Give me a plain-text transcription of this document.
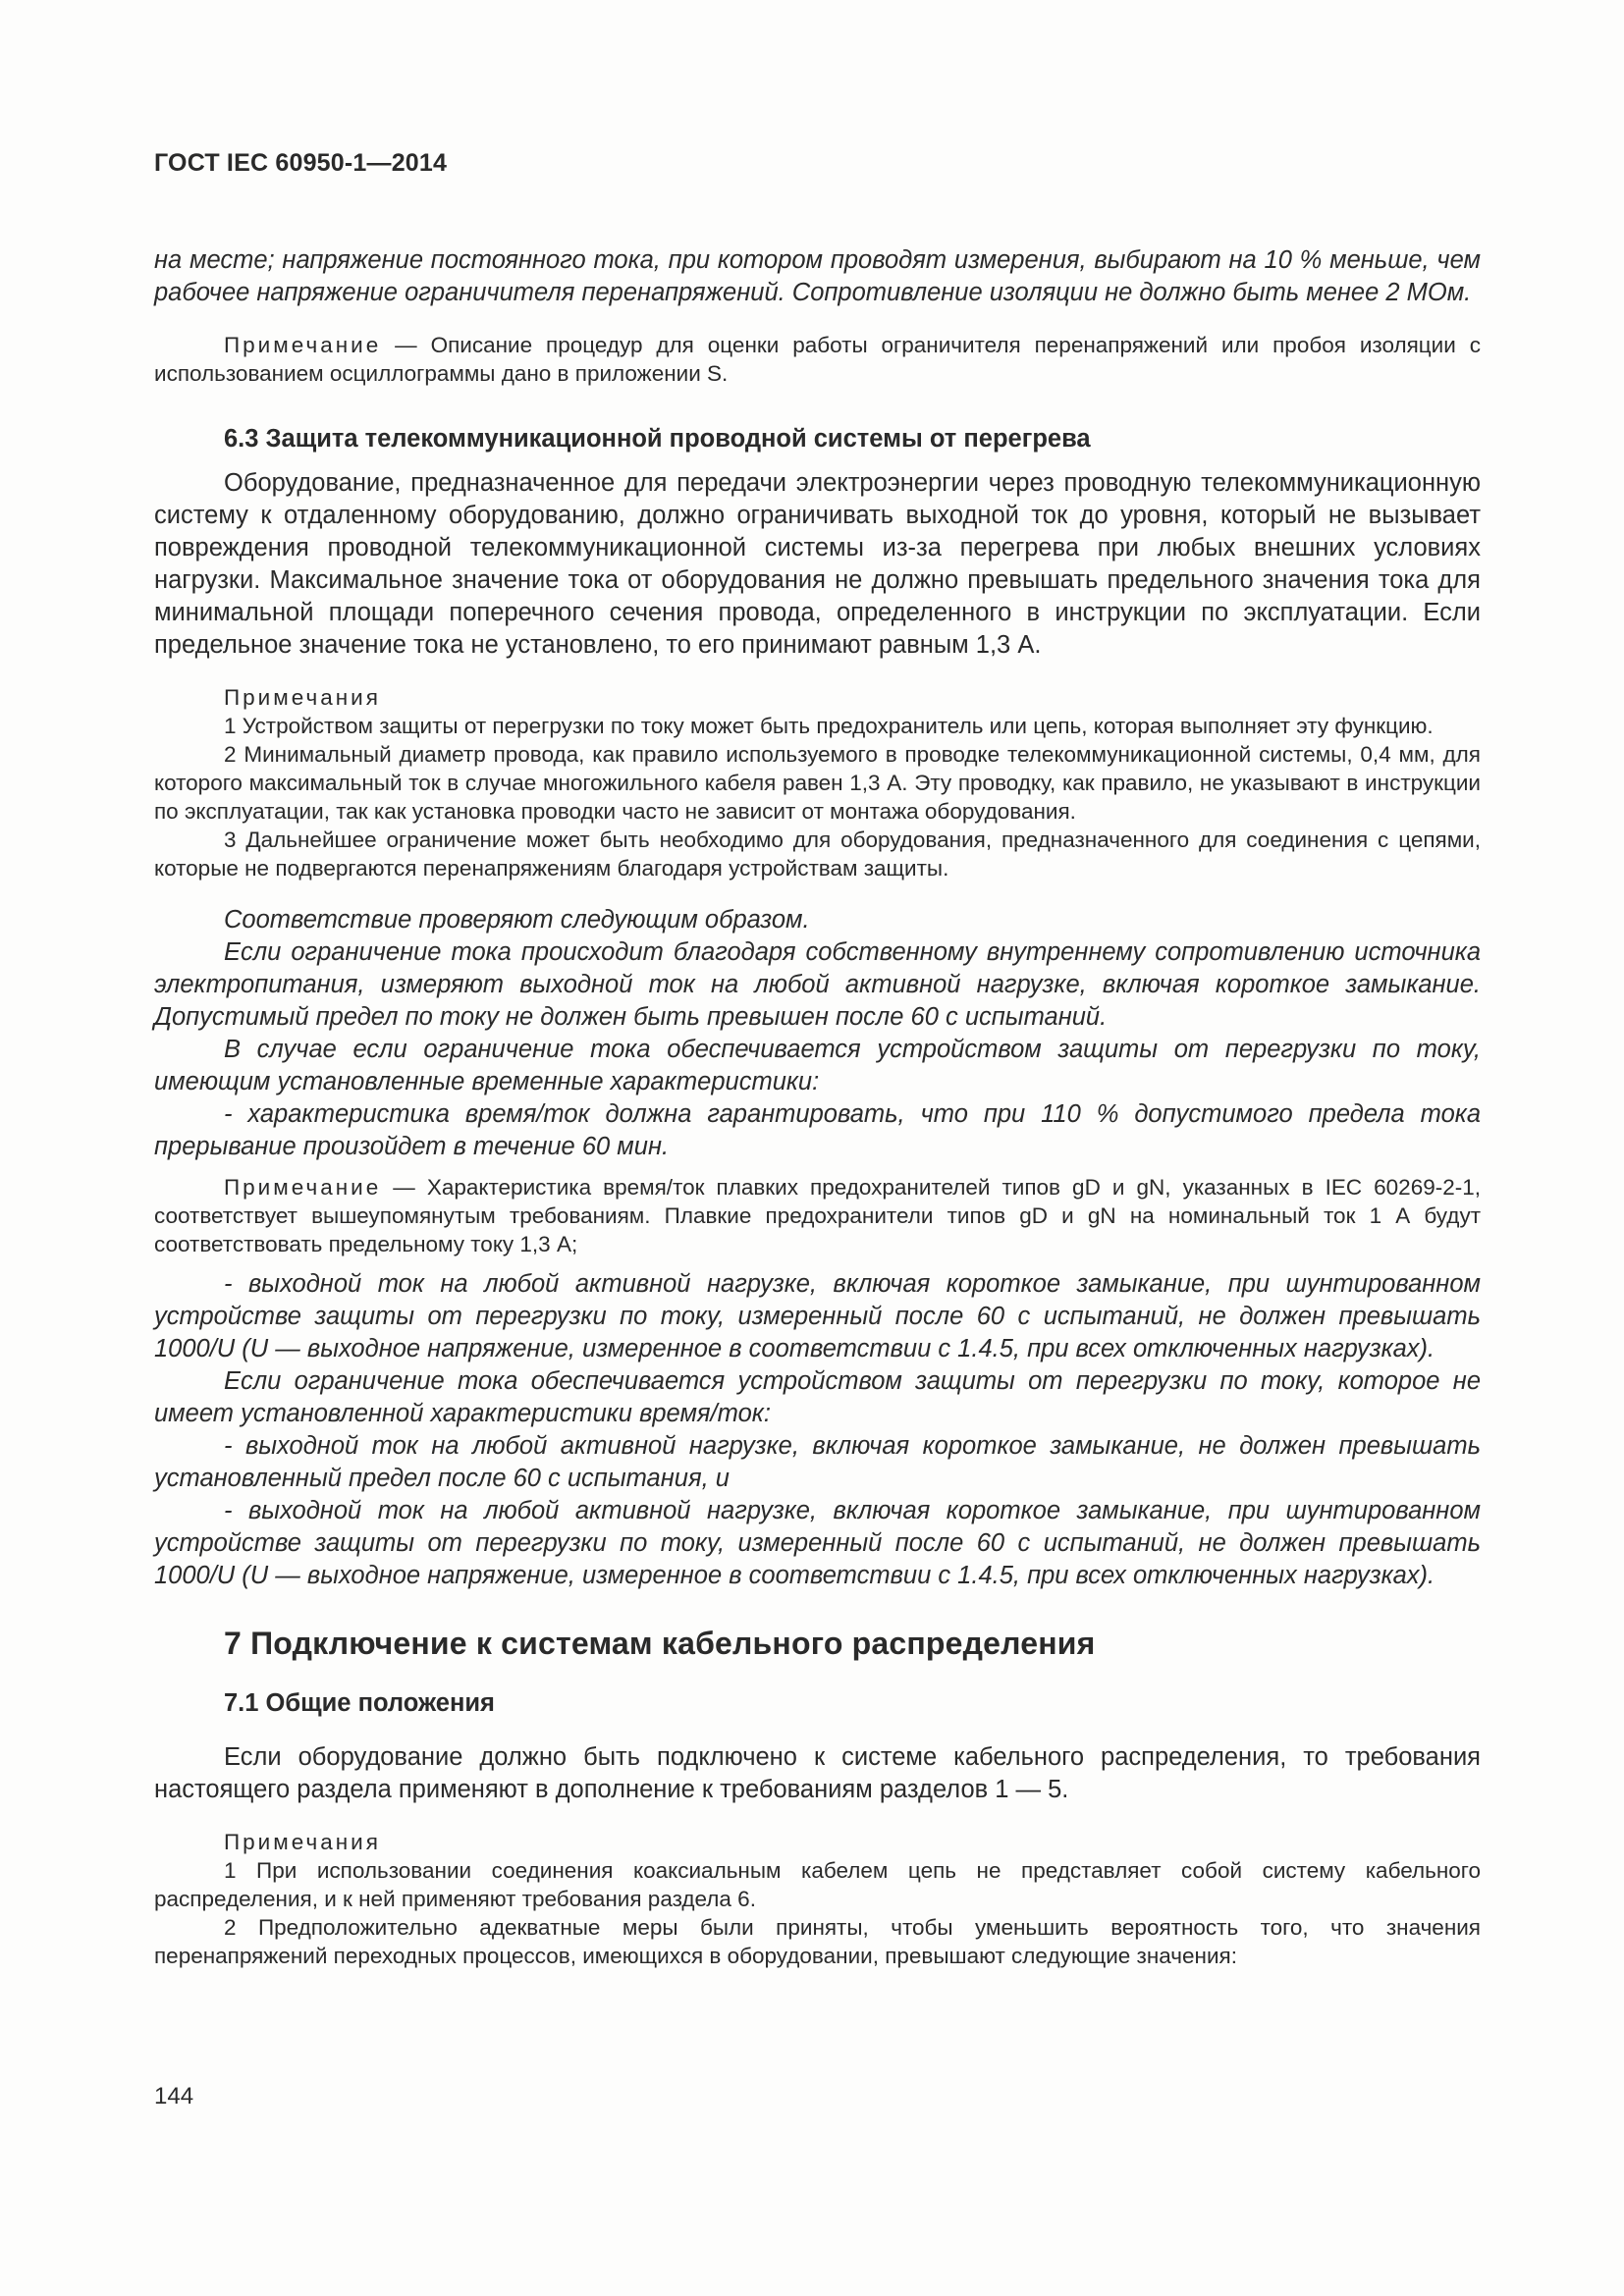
ГОСТ IEC 60950-1—2014

на месте; напряжение постоянного тока, при котором проводят измерения, выбирают на 10 % меньше, чем рабочее напряжение ограничителя перенапряжений. Сопротивление изоляции не должно быть менее 2 МОм.

Примечание — Описание процедур для оценки работы ограничителя перенапряжений или пробоя изоляции с использованием осциллограммы дано в приложении S.

6.3 Защита телекоммуникационной проводной системы от перегрева

Оборудование, предназначенное для передачи электроэнергии через проводную телекоммуникационную систему к отдаленному оборудованию, должно ограничивать выходной ток до уровня, который не вызывает повреждения проводной телекоммуникационной системы из-за перегрева при любых внешних условиях нагрузки. Максимальное значение тока от оборудования не должно превышать предельного значения тока для минимальной площади поперечного сечения провода, определенного в инструкции по эксплуатации. Если предельное значение тока не установлено, то его принимают равным 1,3 А.

Примечания

1 Устройством защиты от перегрузки по току может быть предохранитель или цепь, которая выполняет эту функцию.

2 Минимальный диаметр провода, как правило используемого в проводке телекоммуникационной системы, 0,4 мм, для которого максимальный ток в случае многожильного кабеля равен 1,3 А. Эту проводку, как правило, не указывают в инструкции по эксплуатации, так как установка проводки часто не зависит от монтажа оборудования.

3 Дальнейшее ограничение может быть необходимо для оборудования, предназначенного для соединения с цепями, которые не подвергаются перенапряжениям благодаря устройствам защиты.

Соответствие проверяют следующим образом.

Если ограничение тока происходит благодаря собственному внутреннему сопротивлению источника электропитания, измеряют выходной ток на любой активной нагрузке, включая короткое замыкание. Допустимый предел по току не должен быть превышен после 60 с испытаний.

В случае если ограничение тока обеспечивается устройством защиты от перегрузки по току, имеющим установленные временные характеристики:

- характеристика время/ток должна гарантировать, что при 110 % допустимого предела тока прерывание произойдет в течение 60 мин.

Примечание — Характеристика время/ток плавких предохранителей типов gD и gN, указанных в IEC 60269-2-1, соответствует вышеупомянутым требованиям. Плавкие предохранители типов gD и gN на номинальный ток 1 А будут соответствовать предельному току 1,3 А;

- выходной ток на любой активной нагрузке, включая короткое замыкание, при шунтированном устройстве защиты от перегрузки по току, измеренный после 60 с испытаний, не должен превышать 1000/U (U — выходное напряжение, измеренное в соответствии с 1.4.5, при всех отключенных нагрузках).

Если ограничение тока обеспечивается устройством защиты от перегрузки по току, которое не имеет установленной характеристики время/ток:

- выходной ток на любой активной нагрузке, включая короткое замыкание, не должен превышать установленный предел после 60 с испытания, и

- выходной ток на любой активной нагрузке, включая короткое замыкание, при шунтированном устройстве защиты от перегрузки по току, измеренный после 60 с испытаний, не должен превышать 1000/U (U — выходное напряжение, измеренное в соответствии с 1.4.5, при всех отключенных нагрузках).

7 Подключение к системам кабельного распределения
7.1 Общие положения

Если оборудование должно быть подключено к системе кабельного распределения, то требования настоящего раздела применяют в дополнение к требованиям разделов 1 — 5.

Примечания

1 При использовании соединения коаксиальным кабелем цепь не представляет собой систему кабельного распределения, и к ней применяют требования раздела 6.

2 Предположительно адекватные меры были приняты, чтобы уменьшить вероятность того, что значения перенапряжений переходных процессов, имеющихся в оборудовании, превышают следующие значения:

144
